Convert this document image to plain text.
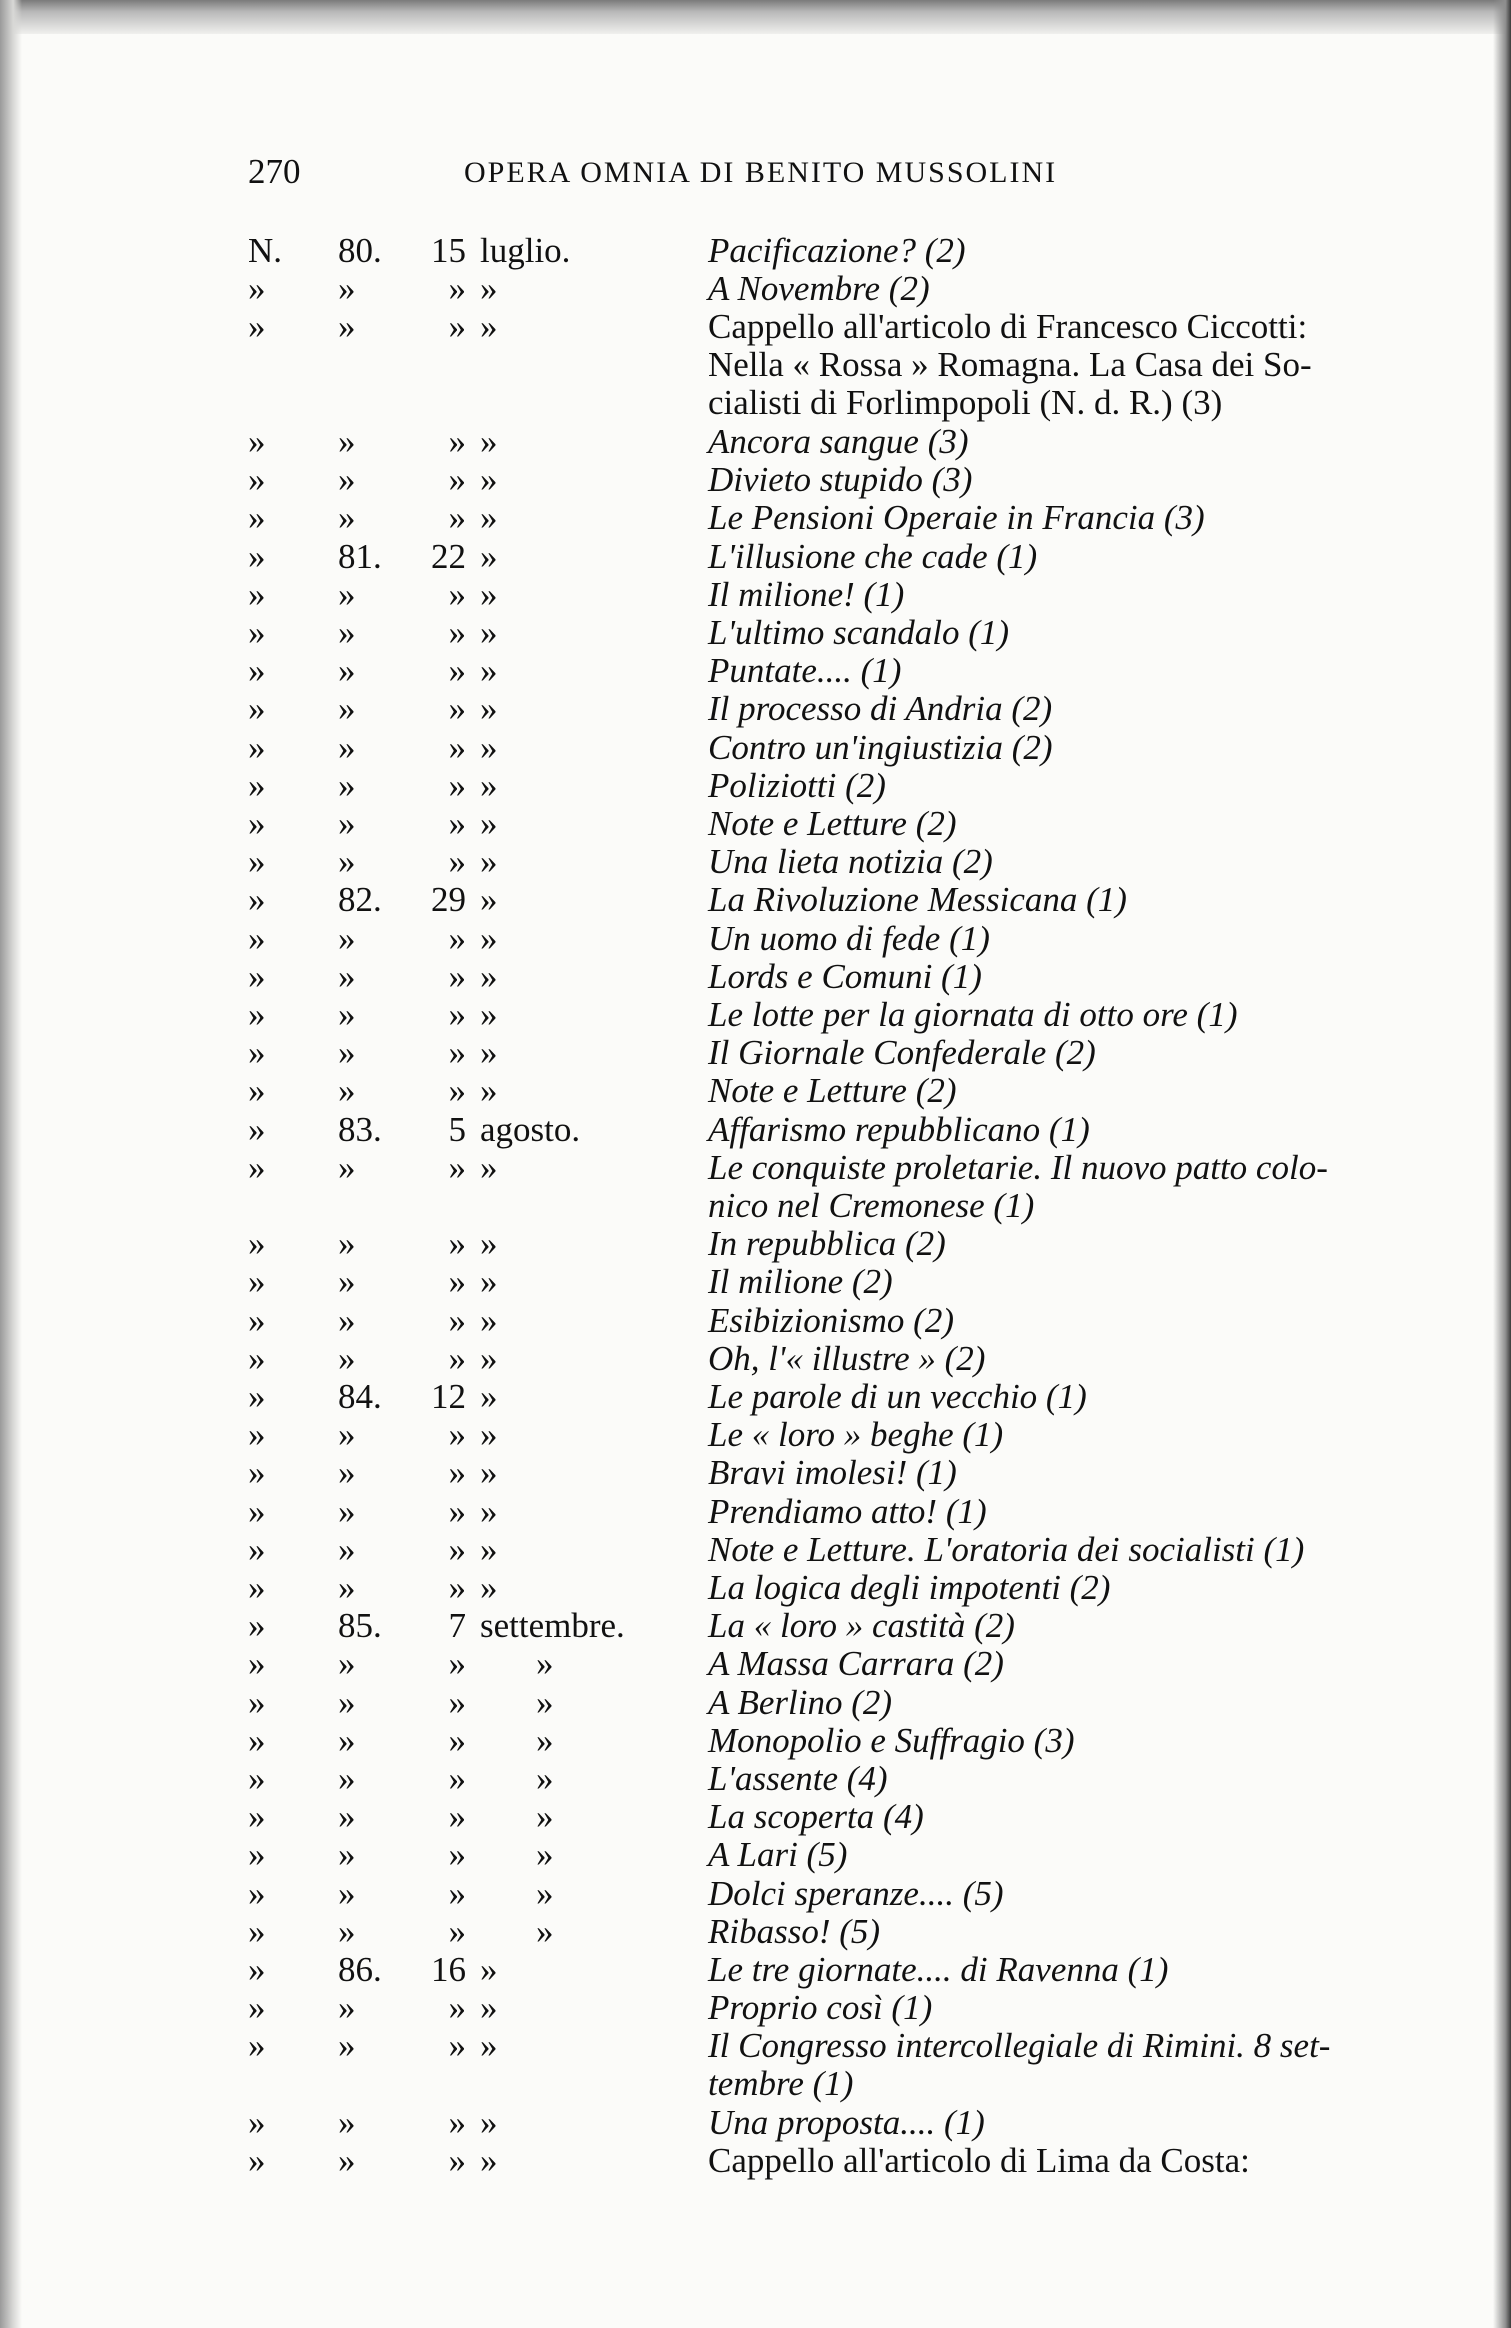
270	OPERA OMNIA DI BENITO MUSSOLINI
N. 80. 15 luglio.	Pacificazione? (2)
» »	» »	A Novembre (2)
» »	» »	Cappello all'articolo di Francesco Ciccotti:
Nella « Rossa » Romagna. La Casa dei So-
cialisti di Forlimpopoli (N. d. R.) (3)
» »	» »	Ancora sangue (3)
» »	» »	Divieto stupido (3)
» »	» »	Le Pensioni Operaie in Francia (3)
» 81. 22 »	L'illusione che cade (1)
» »	» »	Il milione! (1)
» »	» »	L'ultimo scandalo (1)
» »	» »	Puntate.... (1)
» »	» »	Il processo di Andria (2)
» »	» »	Contro un'ingiustizia (2)
» »	» »	Poliziotti (2)
» »	» »	Note e Letture (2)
» »	» »	Una lieta notizia (2)
» 82. 29 »	La Rivoluzione Messicana (1)
» »	» »	Un uomo di fede (1)
» »	» »	Lords e Comuni (1)
» »	» »	Le lotte per la giornata di otto ore (1)
» »	» »	Il Giornale Confederale (2)
» »	» »	Note e Letture (2)
» 83. 5 agosto.	Affarismo repubblicano (1)
» »	» »	Le conquiste proletarie. Il nuovo patto colo-
nico nel Cremonese (1)
» »	» »	In repubblica (2)
» »	» »	Il milione (2)
» »	» »	Esibizionismo (2)
» »	» »	Oh, l'« illustre » (2)
» 84. 12 »	Le parole di un vecchio (1)
» »	» »	Le « loro » beghe (1)
» »	» »	Bravi imolesi! (1)
» »	» »	Prendiamo atto! (1)
» »	» »	Note e Letture. L'oratoria dei socialisti (1)
» »	» »	La logica degli impotenti (2)
» 85. 7 settembre. La « loro » castità (2)
» »	» »	A Massa Carrara (2)
» »	» »	A Berlino (2)
» »	» »	Monopolio e Suffragio (3)
» »	» »	L'assente (4)
» »	» »	La scoperta (4)
» »	» »	A Lari (5)
» »	» »	Dolci speranze.... (5)
» »	» »	Ribasso! (5)
» 86. 16 »	Le tre giornate.... di Ravenna (1)
» »	» »	Proprio così (1)
» »	» »	Il Congresso intercollegiale di Rimini. 8 set-
tembre (1)
» »	» »	Una proposta.... (1)
» »	» »	Cappello all'articolo di Lima da Costa:
